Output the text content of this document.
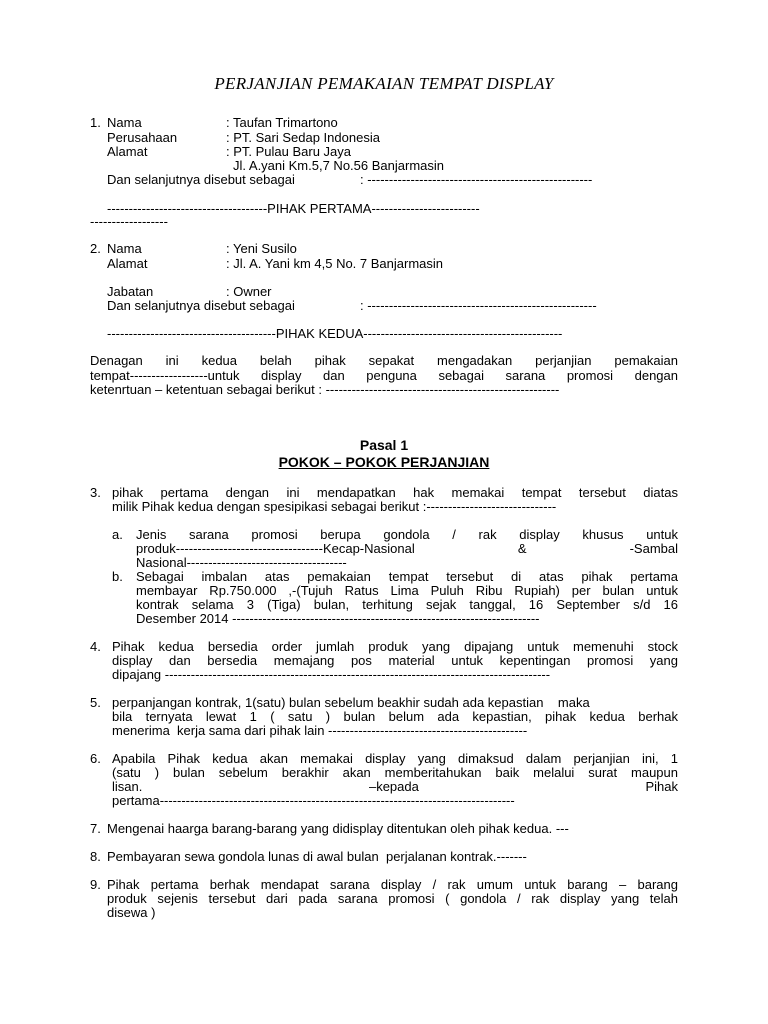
PERJANJIAN PEMAKAIAN TEMPAT DISPLAY
1. Nama	: Taufan Trimartono
Perusahaan	: PT. Sari Sedap Indonesia
Alamat	: PT. Pulau Baru Jaya
Jl. A.yani Km.5,7 No.56 Banjarmasin
Dan selanjutnya disebut sebagai	: ----------------------------------------------------
-------------------------------------PIHAK PERTAMA-------------------------
------------------
2. Nama	: Yeni Susilo
Alamat	: Jl. A. Yani km 4,5 No. 7 Banjarmasin
Jabatan	: Owner
Dan selanjutnya disebut sebagai	: -----------------------------------------------------
---------------------------------------PIHAK KEDUA----------------------------------------------
Denagan ini kedua belah pihak sepakat mengadakan perjanjian pemakaian
tempat------------------untuk display dan penguna sebagai sarana promosi dengan
ketenrtuan – ketentuan sebagai berikut : ------------------------------------------------------
Pasal 1
POKOK – POKOK PERJANJIAN
3. pihak pertama dengan ini mendapatkan hak memakai tempat tersebut diatas
milik Pihak kedua dengan spesipikasi sebagai berikut :------------------------------
a. Jenis sarana promosi berupa gondola / rak display khusus untuk
produk----------------------------------Kecap-Nasional & -Sambal
Nasional-------------------------------------
b. Sebagai imbalan atas pemakaian tempat tersebut di atas pihak pertama
membayar Rp.750.000 ,-(Tujuh Ratus Lima Puluh Ribu Rupiah) per bulan untuk
kontrak selama 3 (Tiga) bulan, terhitung sejak tanggal, 16 September s/d 16
Desember 2014 -----------------------------------------------------------------------
4. Pihak kedua bersedia order jumlah produk yang dipajang untuk memenuhi stock
display dan bersedia memajang pos material untuk kepentingan promosi yang
dipajang -----------------------------------------------------------------------------------------
5. perpanjangan kontrak, 1(satu) bulan sebelum beakhir sudah ada kepastian    maka
bila ternyata lewat 1 ( satu ) bulan belum ada kepastian, pihak kedua berhak
menerima  kerja sama dari pihak lain ----------------------------------------------
6. Apabila Pihak kedua akan memakai display yang dimaksud dalam perjanjian ini, 1
(satu ) bulan sebelum berakhir akan memberitahukan baik melalui surat maupun
lisan. –kepada Pihak
pertama----------------------------------------------------------------------------------
7. Mengenai haarga barang-barang yang didisplay ditentukan oleh pihak kedua. ---
8. Pembayaran sewa gondola lunas di awal bulan  perjalanan kontrak.-------
9. Pihak pertama berhak mendapat sarana display / rak umum untuk barang – barang
produk sejenis tersebut dari pada sarana promosi ( gondola / rak display yang telah
disewa )
